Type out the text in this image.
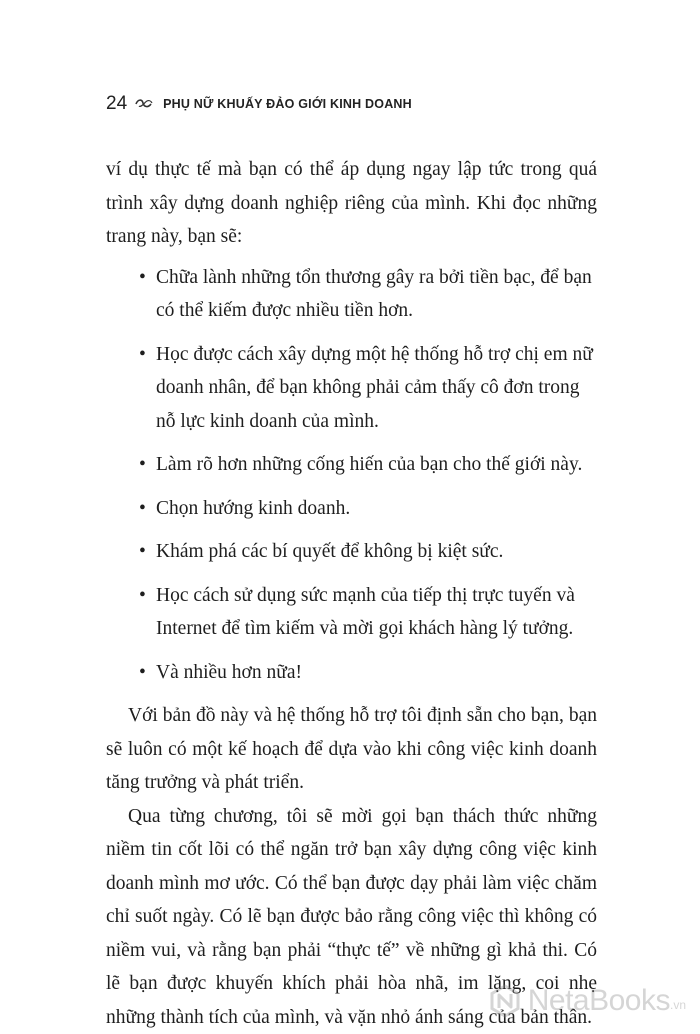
24	PHỤ NỮ KHUẤY ĐẢO GIỚI KINH DOANH

ví dụ thực tế mà bạn có thể áp dụng ngay lập tức trong quá trình xây dựng doanh nghiệp riêng của mình. Khi đọc những trang này, bạn sẽ:

• Chữa lành những tổn thương gây ra bởi tiền bạc, để bạn có thể kiếm được nhiều tiền hơn.
• Học được cách xây dựng một hệ thống hỗ trợ chị em nữ doanh nhân, để bạn không phải cảm thấy cô đơn trong nỗ lực kinh doanh của mình.
• Làm rõ hơn những cống hiến của bạn cho thế giới này.
• Chọn hướng kinh doanh.
• Khám phá các bí quyết để không bị kiệt sức.
• Học cách sử dụng sức mạnh của tiếp thị trực tuyến và Internet để tìm kiếm và mời gọi khách hàng lý tưởng.
• Và nhiều hơn nữa!

Với bản đồ này và hệ thống hỗ trợ tôi định sẵn cho bạn, bạn sẽ luôn có một kế hoạch để dựa vào khi công việc kinh doanh tăng trưởng và phát triển.

Qua từng chương, tôi sẽ mời gọi bạn thách thức những niềm tin cốt lõi có thể ngăn trở bạn xây dựng công việc kinh doanh mình mơ ước. Có thể bạn được dạy phải làm việc chăm chỉ suốt ngày. Có lẽ bạn được bảo rằng công việc thì không có niềm vui, và rằng bạn phải “thực tế” về những gì khả thi. Có lẽ bạn được khuyến khích phải hòa nhã, im lặng, coi nhẹ những thành tích của mình, và vặn nhỏ ánh sáng của bản thân.

NetaBooks .vn
